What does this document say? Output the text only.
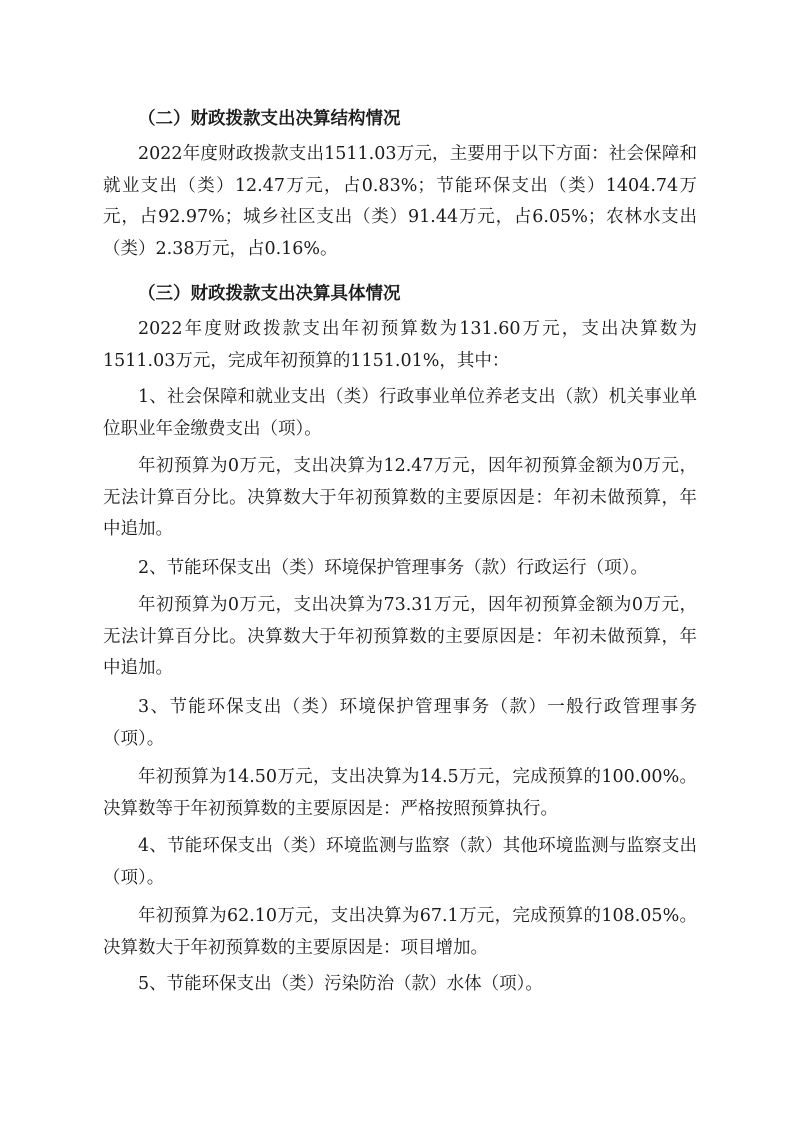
（二）财政拨款支出决算结构情况

2022年度财政拨款支出1511.03万元，主要用于以下方面：社会保障和就业支出（类）12.47万元，占0.83%；节能环保支出（类）1404.74万元，占92.97%；城乡社区支出（类）91.44万元，占6.05%；农林水支出（类）2.38万元，占0.16%。

（三）财政拨款支出决算具体情况

2022年度财政拨款支出年初预算数为131.60万元，支出决算数为1511.03万元，完成年初预算的1151.01%，其中：

1、社会保障和就业支出（类）行政事业单位养老支出（款）机关事业单位职业年金缴费支出（项）。

年初预算为0万元，支出决算为12.47万元，因年初预算金额为0万元，无法计算百分比。决算数大于年初预算数的主要原因是：年初未做预算，年中追加。

2、节能环保支出（类）环境保护管理事务（款）行政运行（项）。

年初预算为0万元，支出决算为73.31万元，因年初预算金额为0万元，无法计算百分比。决算数大于年初预算数的主要原因是：年初未做预算，年中追加。

3、节能环保支出（类）环境保护管理事务（款）一般行政管理事务（项）。

年初预算为14.50万元，支出决算为14.5万元，完成预算的100.00%。决算数等于年初预算数的主要原因是：严格按照预算执行。

4、节能环保支出（类）环境监测与监察（款）其他环境监测与监察支出（项）。

年初预算为62.10万元，支出决算为67.1万元，完成预算的108.05%。决算数大于年初预算数的主要原因是：项目增加。

5、节能环保支出（类）污染防治（款）水体（项）。
